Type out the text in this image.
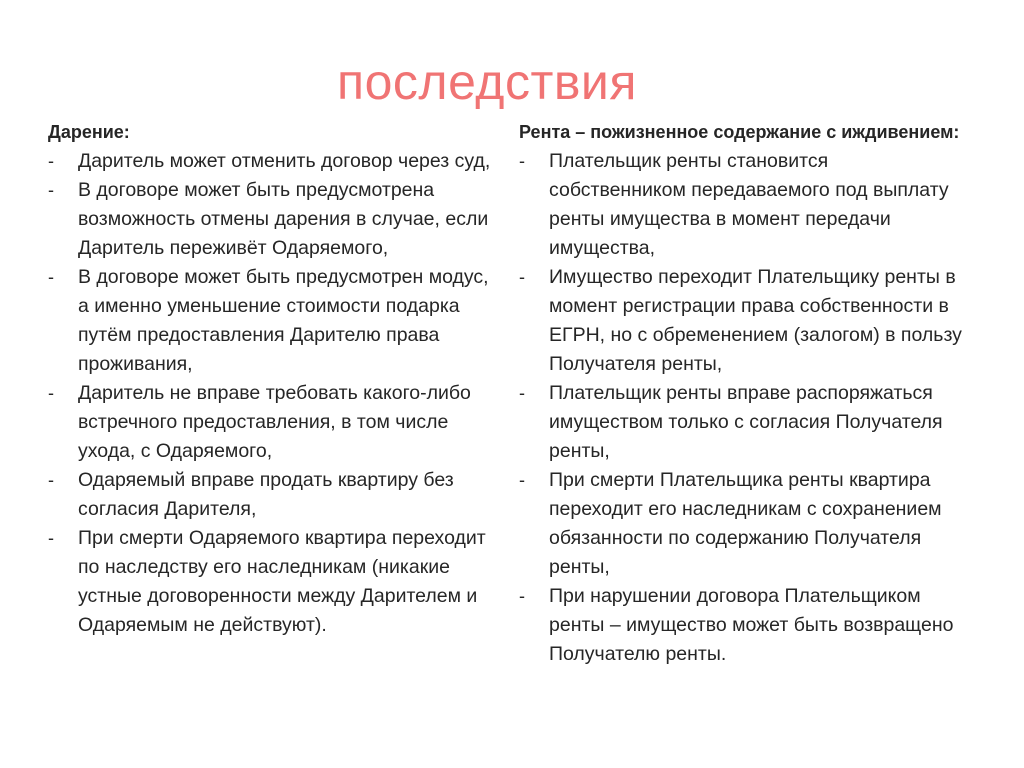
последствия
Дарение:
- Даритель может отменить договор через суд,
- В договоре может быть предусмотрена возможность отмены дарения в случае, если Даритель переживёт Одаряемого,
- В договоре может быть предусмотрен модус, а именно уменьшение стоимости подарка путём предоставления Дарителю права проживания,
- Даритель не вправе требовать какого-либо встречного предоставления, в том числе ухода, с Одаряемого,
- Одаряемый вправе продать квартиру без согласия Дарителя,
- При смерти Одаряемого квартира переходит по наследству его наследникам (никакие устные договоренности между Дарителем и Одаряемым не действуют).
Рента – пожизненное содержание с иждивением:
- Плательщик ренты становится собственником передаваемого под выплату ренты имущества в момент передачи имущества,
- Имущество переходит Плательщику ренты в момент регистрации права собственности в ЕГРН, но с обременением (залогом) в пользу Получателя ренты,
- Плательщик ренты вправе распоряжаться имуществом только с согласия Получателя ренты,
- При смерти Плательщика ренты квартира переходит его наследникам с сохранением обязанности по содержанию Получателя ренты,
- При нарушении договора Плательщиком ренты – имущество может быть возвращено Получателю ренты.
